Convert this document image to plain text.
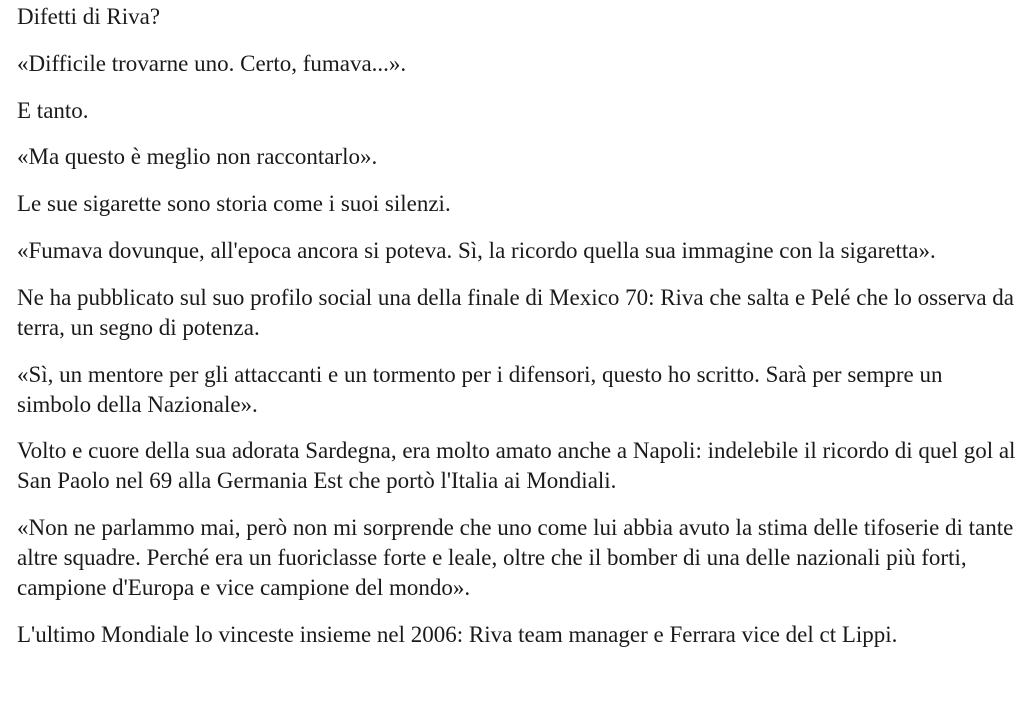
Difetti di Riva?

«Difficile trovarne uno. Certo, fumava...».

E tanto.

«Ma questo è meglio non raccontarlo».

Le sue sigarette sono storia come i suoi silenzi.

«Fumava dovunque, all'epoca ancora si poteva. Sì, la ricordo quella sua immagine con la sigaretta».

Ne ha pubblicato sul suo profilo social una della finale di Mexico 70: Riva che salta e Pelé che lo osserva da terra, un segno di potenza.

«Sì, un mentore per gli attaccanti e un tormento per i difensori, questo ho scritto. Sarà per sempre un simbolo della Nazionale».

Volto e cuore della sua adorata Sardegna, era molto amato anche a Napoli: indelebile il ricordo di quel gol al San Paolo nel 69 alla Germania Est che portò l'Italia ai Mondiali.

«Non ne parlammo mai, però non mi sorprende che uno come lui abbia avuto la stima delle tifoserie di tante altre squadre. Perché era un fuoriclasse forte e leale, oltre che il bomber di una delle nazionali più forti, campione d'Europa e vice campione del mondo».

L'ultimo Mondiale lo vinceste insieme nel 2006: Riva team manager e Ferrara vice del ct Lippi.
